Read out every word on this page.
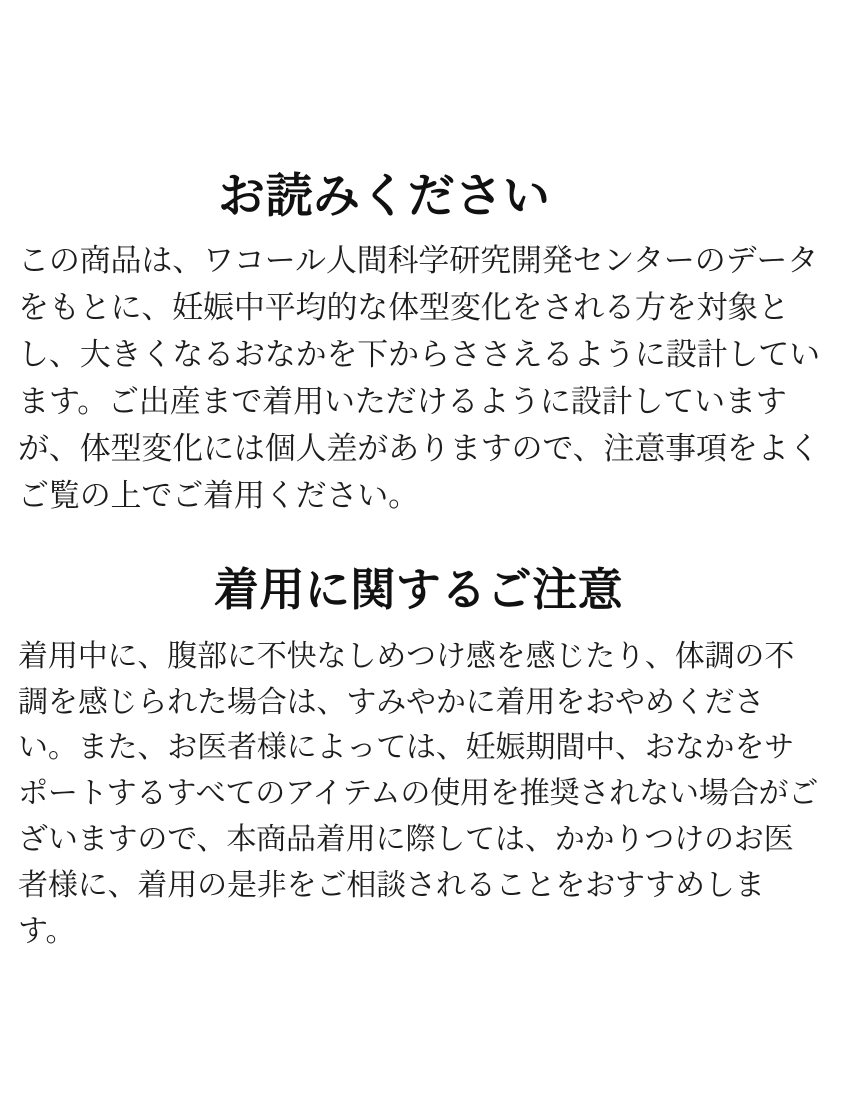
お読みください

この商品は、ワコール人間科学研究開発センターのデータをもとに、妊娠中平均的な体型変化をされる方を対象とし、大きくなるおなかを下からささえるように設計しています。ご出産まで着用いただけるように設計していますが、体型変化には個人差がありますので、注意事項をよくご覧の上でご着用ください。

着用に関するご注意

着用中に、腹部に不快なしめつけ感を感じたり、体調の不調を感じられた場合は、すみやかに着用をおやめください。また、お医者様によっては、妊娠期間中、おなかをサポートするすべてのアイテムの使用を推奨されない場合がございますので、本商品着用に際しては、かかりつけのお医者様に、着用の是非をご相談されることをおすすめします。
